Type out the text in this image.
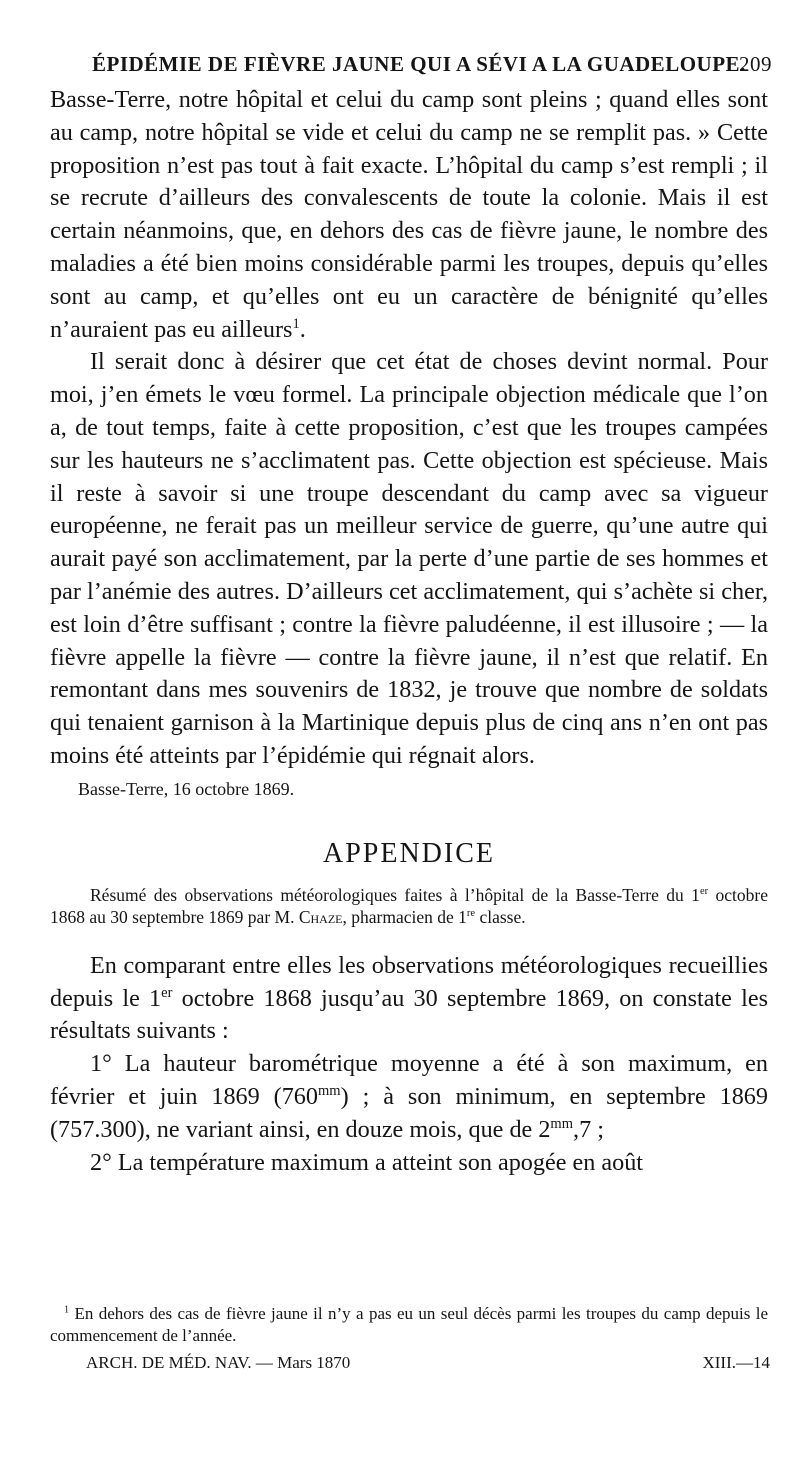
ÉPIDÉMIE DE FIÈVRE JAUNE QUI A SÉVI A LA GUADELOUPE.
209

Basse-Terre, notre hôpital et celui du camp sont pleins ; quand elles sont au camp, notre hôpital se vide et celui du camp ne se remplit pas. » Cette proposition n’est pas tout à fait exacte. L’hôpital du camp s’est rempli ; il se recrute d’ailleurs des convalescents de toute la colonie. Mais il est certain néanmoins, que, en dehors des cas de fièvre jaune, le nombre des maladies a été bien moins considérable parmi les troupes, depuis qu’elles sont au camp, et qu’elles ont eu un caractère de bénignité qu’elles n’auraient pas eu ailleurs$^1$.

Il serait donc à désirer que cet état de choses devint normal. Pour moi, j’en émets le vœu formel. La principale objection médicale que l’on a, de tout temps, faite à cette proposition, c’est que les troupes campées sur les hauteurs ne s’acclimatent pas. Cette objection est spécieuse. Mais il reste à savoir si une troupe descendant du camp avec sa vigueur européenne, ne ferait pas un meilleur service de guerre, qu’une autre qui aurait payé son acclimatement, par la perte d’une partie de ses hommes et par l’anémie des autres. D’ailleurs cet acclimatement, qui s’achète si cher, est loin d’être suffisant ; contre la fièvre paludéenne, il est illusoire ; — la fièvre appelle la fièvre — contre la fièvre jaune, il n’est que relatif. En remontant dans mes souvenirs de 1832, je trouve que nombre de soldats qui tenaient garnison à la Martinique depuis plus de cinq ans n’en ont pas moins été atteints par l’épidémie qui régnait alors.

Basse-Terre, 16 octobre 1869.

APPENDICE

Résumé des observations météorologiques faites à l’hôpital de la Basse-Terre du 1er octobre 1868 au 30 septembre 1869 par M. Chaze, pharmacien de 1re classe.

En comparant entre elles les observations météorologiques recueillies depuis le 1er octobre 1868 jusqu’au 30 septembre 1869, on constate les résultats suivants :

1° La hauteur barométrique moyenne a été à son maximum, en février et juin 1869 $(760^{mm})$ ; à son minimum, en septembre 1869 (757.300), ne variant ainsi, en douze mois, que de $2^{mm},7$ ;

2° La température maximum a atteint son apogée en août

$^1$ En dehors des cas de fièvre jaune il n’y a pas eu un seul décès parmi les troupes du camp depuis le commencement de l’année.

ARCH. DE MÉD. NAV. — Mars 1870	XIII.—14
